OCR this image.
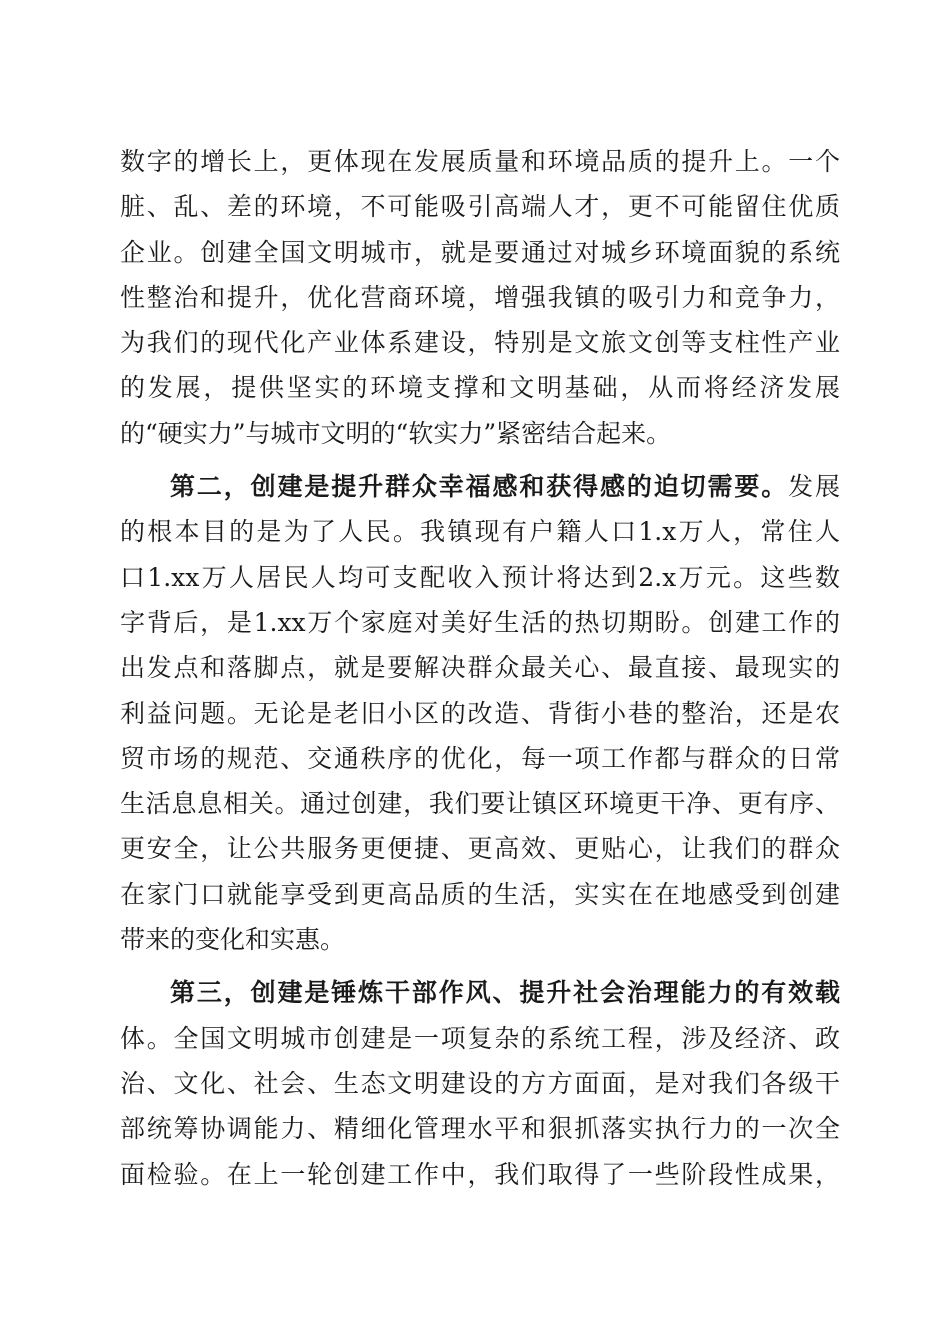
数字的增长上，更体现在发展质量和环境品质的提升上。一个
脏、乱、差的环境，不可能吸引高端人才，更不可能留住优质
企业。创建全国文明城市，就是要通过对城乡环境面貌的系统
性整治和提升，优化营商环境，增强我镇的吸引力和竞争力，
为我们的现代化产业体系建设，特别是文旅文创等支柱性产业
的发展，提供坚实的环境支撑和文明基础，从而将经济发展
的“硬实力”与城市文明的“软实力”紧密结合起来。
第二，创建是提升群众幸福感和获得感的迫切需要。发展
的根本目的是为了人民。我镇现有户籍人口1.x万人，常住人
口1.xx万人居民人均可支配收入预计将达到2.x万元。这些数
字背后，是1.xx万个家庭对美好生活的热切期盼。创建工作的
出发点和落脚点，就是要解决群众最关心、最直接、最现实的
利益问题。无论是老旧小区的改造、背街小巷的整治，还是农
贸市场的规范、交通秩序的优化，每一项工作都与群众的日常
生活息息相关。通过创建，我们要让镇区环境更干净、更有序、
更安全，让公共服务更便捷、更高效、更贴心，让我们的群众
在家门口就能享受到更高品质的生活，实实在在地感受到创建
带来的变化和实惠。
第三，创建是锤炼干部作风、提升社会治理能力的有效载
体。全国文明城市创建是一项复杂的系统工程，涉及经济、政
治、文化、社会、生态文明建设的方方面面，是对我们各级干
部统筹协调能力、精细化管理水平和狠抓落实执行力的一次全
面检验。在上一轮创建工作中，我们取得了一些阶段性成果，
